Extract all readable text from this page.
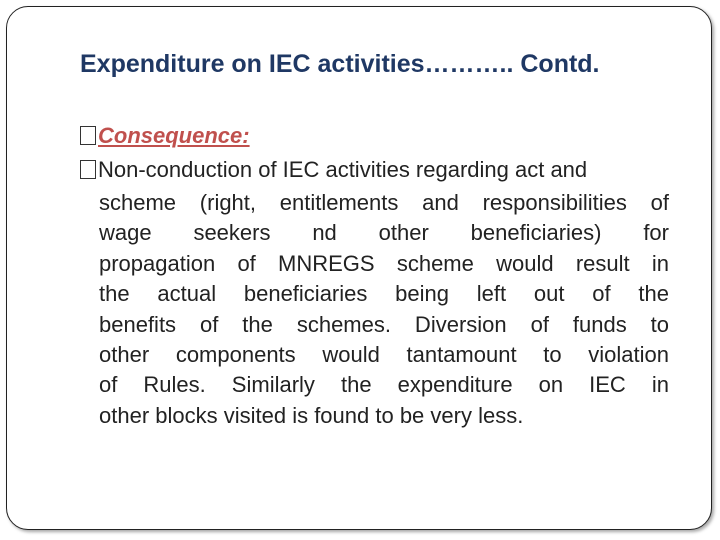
Expenditure on IEC activities……….. Contd.
Consequence:
Non-conduction of IEC activities regarding act and
scheme (right, entitlements and responsibilities of
wage seekers nd other beneficiaries) for
propagation of MNREGS scheme would result in
the actual beneficiaries being left out of the
benefits of the schemes. Diversion of funds to
other components would tantamount to violation
of Rules. Similarly the expenditure on IEC in
other blocks visited is found to be very less.
